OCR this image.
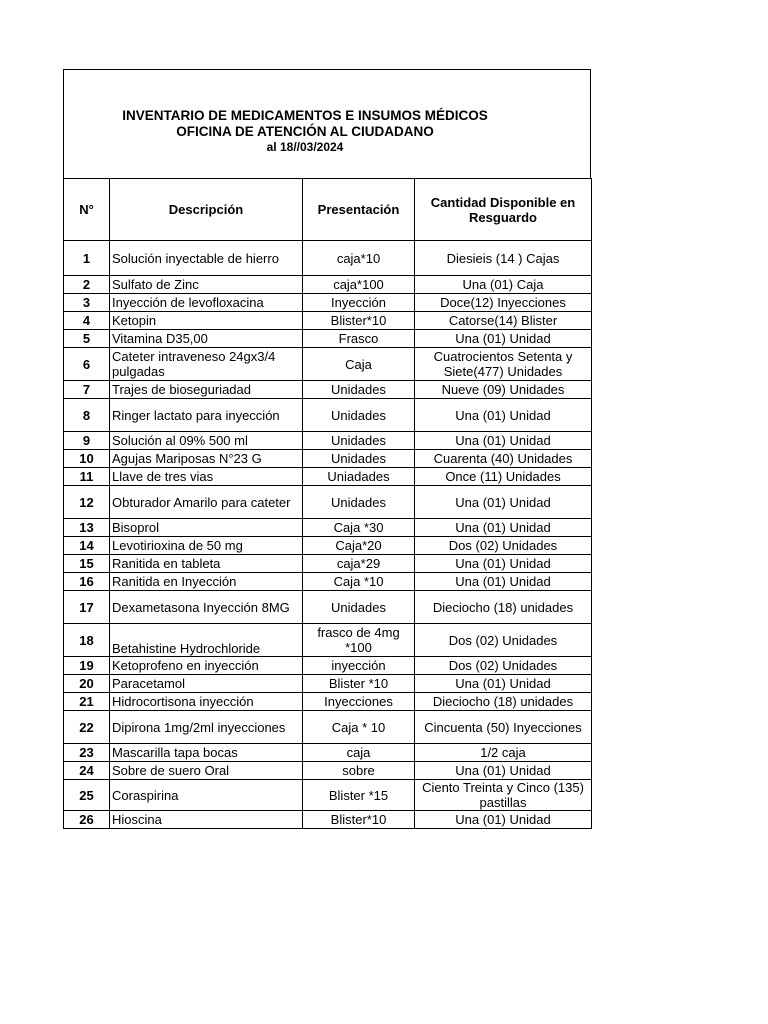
INVENTARIO DE MEDICAMENTOS E INSUMOS MÉDICOS
OFICINA DE ATENCIÓN AL CIUDADANO
al 18//03/2024
N°	Descripción	Presentación	Cantidad Disponible en Resguardo
1	Solución inyectable de hierro	caja*10	Diesieis (14 ) Cajas
2	Sulfato de Zinc	caja*100	Una (01) Caja
3	Inyección de levofloxacina	Inyección	Doce(12) Inyecciones
4	Ketopin	Blister*10	Catorse(14) Blister
5	Vitamina D35,00	Frasco	Una (01) Unidad
6	Cateter intraveneso 24gx3/4 pulgadas	Caja	Cuatrocientos Setenta y Siete(477) Unidades
7	Trajes de bioseguriadad	Unidades	Nueve (09) Unidades
8	Ringer lactato para inyección	Unidades	Una (01) Unidad
9	Solución al 09% 500 ml	Unidades	Una (01) Unidad
10	Agujas Mariposas N°23 G	Unidades	Cuarenta (40) Unidades
11	Llave de tres vias	Uniadades	Once (11) Unidades
12	Obturador Amarilo para cateter	Unidades	Una (01) Unidad
13	Bisoprol	Caja *30	Una (01) Unidad
14	Levotirioxina de 50 mg	Caja*20	Dos (02) Unidades
15	Ranitida en tableta	caja*29	Una (01) Unidad
16	Ranitida en Inyección	Caja *10	Una (01) Unidad
17	Dexametasona Inyección 8MG	Unidades	Dieciocho (18) unidades
18	Betahistine Hydrochloride	frasco de 4mg *100	Dos (02) Unidades
19	Ketoprofeno en inyección	inyección	Dos (02) Unidades
20	Paracetamol	Blister *10	Una (01) Unidad
21	Hidrocortisona inyección	Inyecciones	Dieciocho (18) unidades
22	Dipirona 1mg/2ml inyecciones	Caja * 10	Cincuenta (50) Inyecciones
23	Mascarilla tapa bocas	caja	1/2 caja
24	Sobre de suero Oral	sobre	Una (01) Unidad
25	Coraspirina	Blister *15	Ciento Treinta y Cinco (135) pastillas
26	Hioscina	Blister*10	Una (01) Unidad
